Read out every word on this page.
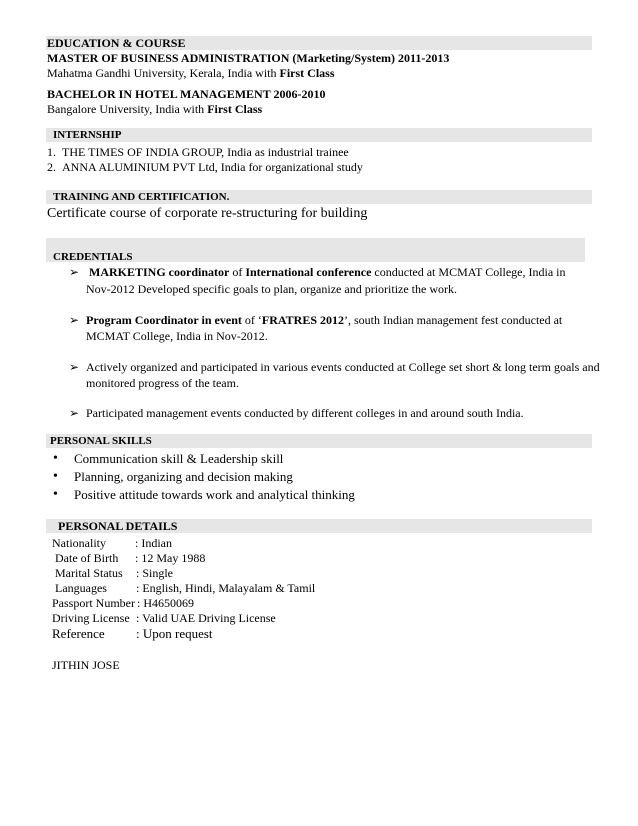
EDUCATION & COURSE
MASTER OF BUSINESS ADMINISTRATION (Marketing/System) 2011-2013
Mahatma Gandhi University, Kerala, India with First Class
BACHELOR IN HOTEL MANAGEMENT 2006-2010
Bangalore University, India with First Class
INTERNSHIP
1. THE TIMES OF INDIA GROUP, India as industrial trainee
2. ANNA ALUMINIUM PVT Ltd, India for organizational study
TRAINING AND CERTIFICATION.
Certificate course of corporate re-structuring for building
CREDENTIALS
➢ MARKETING coordinator of International conference conducted at MCMAT College, India in
Nov-2012 Developed specific goals to plan, organize and prioritize the work.
➢ Program Coordinator in event of ‘FRATRES 2012’, south Indian management fest conducted at
MCMAT College, India in Nov-2012.
➢ Actively organized and participated in various events conducted at College set short & long term goals and
monitored progress of the team.
➢ Participated management events conducted by different colleges in and around south India.
PERSONAL SKILLS
• Communication skill & Leadership skill
• Planning, organizing and decision making
• Positive attitude towards work and analytical thinking
PERSONAL DETAILS
Nationality : Indian
Date of Birth : 12 May 1988
Marital Status : Single
Languages : English, Hindi, Malayalam & Tamil
Passport Number : H4650069
Driving License : Valid UAE Driving License
Reference : Upon request
JITHIN JOSE
